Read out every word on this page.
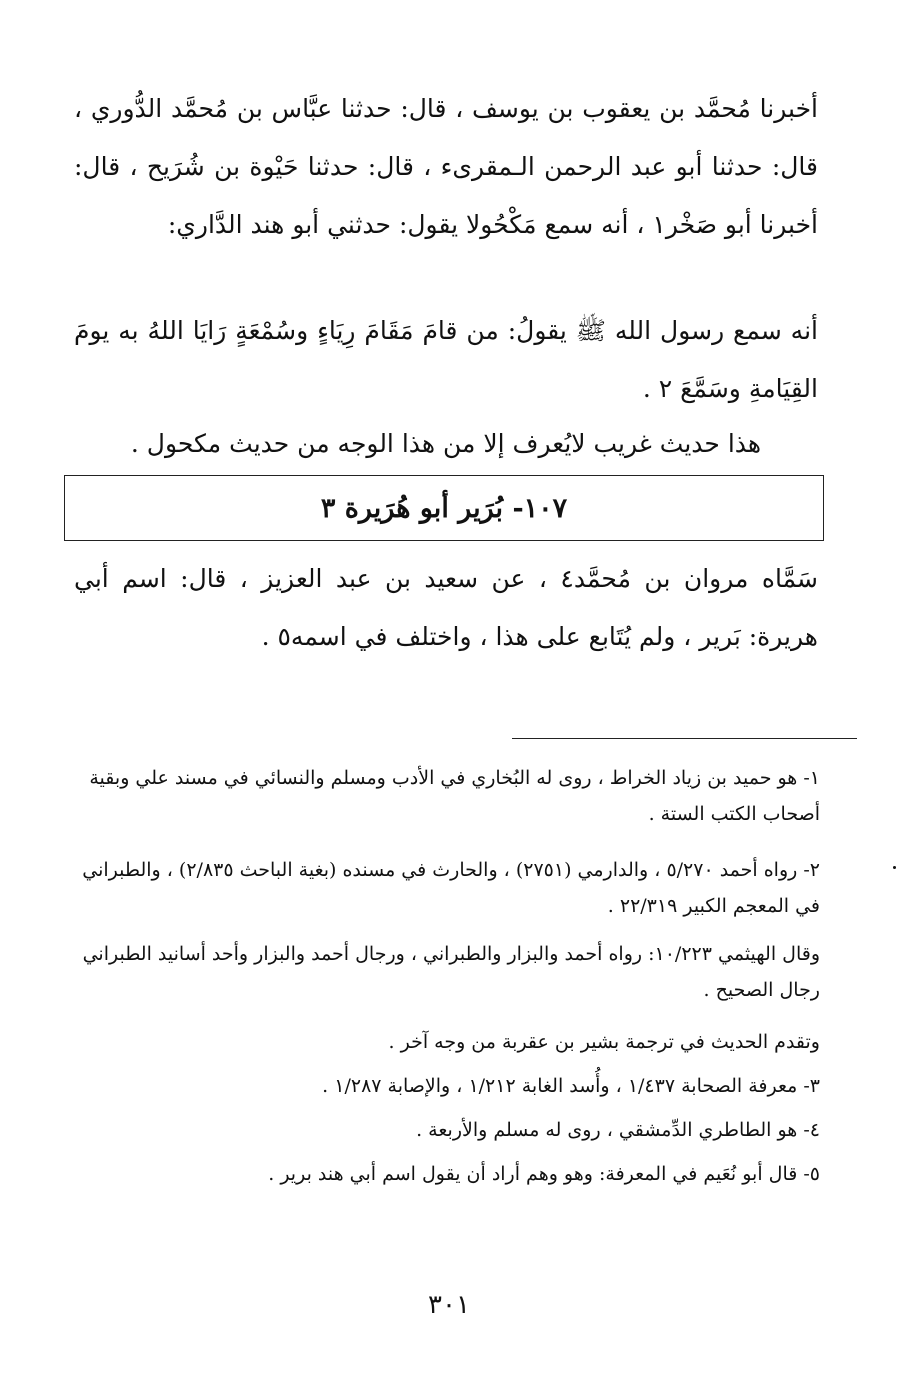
أخبرنا مُحمَّد بن يعقوب بن يوسف ، قال: حدثنا عبَّاس بن مُحمَّد الدُّوري ، قال: حدثنا أبو عبد الرحمن الـمقرىء ، قال: حدثنا حَيْوة بن شُرَيح ، قال: أخبرنا أبو صَخْر١ ، أنه سمع مَكْحُولا يقول: حدثني أبو هند الدَّاري:
أنه سمع رسول الله ﷺ يقولُ: من قامَ مَقَامَ رِيَاءٍ وسُمْعَةٍ رَايَا اللهُ به يومَ القِيَامةِ وسَمَّعَ ٢ .
هذا حديث غريب لايُعرف إلا من هذا الوجه من حديث مكحول .
١٠٧- بُرَير أبو هُرَيرة ٣
سَمَّاه مروان بن مُحمَّد٤ ، عن سعيد بن عبد العزيز ، قال: اسم أبي هريرة: بَرير ، ولم يُتَابع على هذا ، واختلف في اسمه٥ .
١- هو حميد بن زياد الخراط ، روى له البُخاري في الأدب ومسلم والنسائي في مسند علي وبقية أصحاب الكتب الستة .
٢- رواه أحمد ٥/٢٧٠ ، والدارمي (٢٧٥١) ، والحارث في مسنده (بغية الباحث ٢/٨٣٥) ، والطبراني في المعجم الكبير ٢٢/٣١٩ .
وقال الهيثمي ١٠/٢٢٣: رواه أحمد والبزار والطبراني ، ورجال أحمد والبزار وأحد أسانيد الطبراني رجال الصحيح .
وتقدم الحديث في ترجمة بشير بن عقربة من وجه آخر .
٣- معرفة الصحابة ١/٤٣٧ ، وأُسد الغابة ١/٢١٢ ، والإصابة ١/٢٨٧ .
٤- هو الطاطري الدِّمشقي ، روى له مسلم والأربعة .
٥- قال أبو نُعَيم في المعرفة: وهو وهم أراد أن يقول اسم أبي هند برير .
٣٠١
